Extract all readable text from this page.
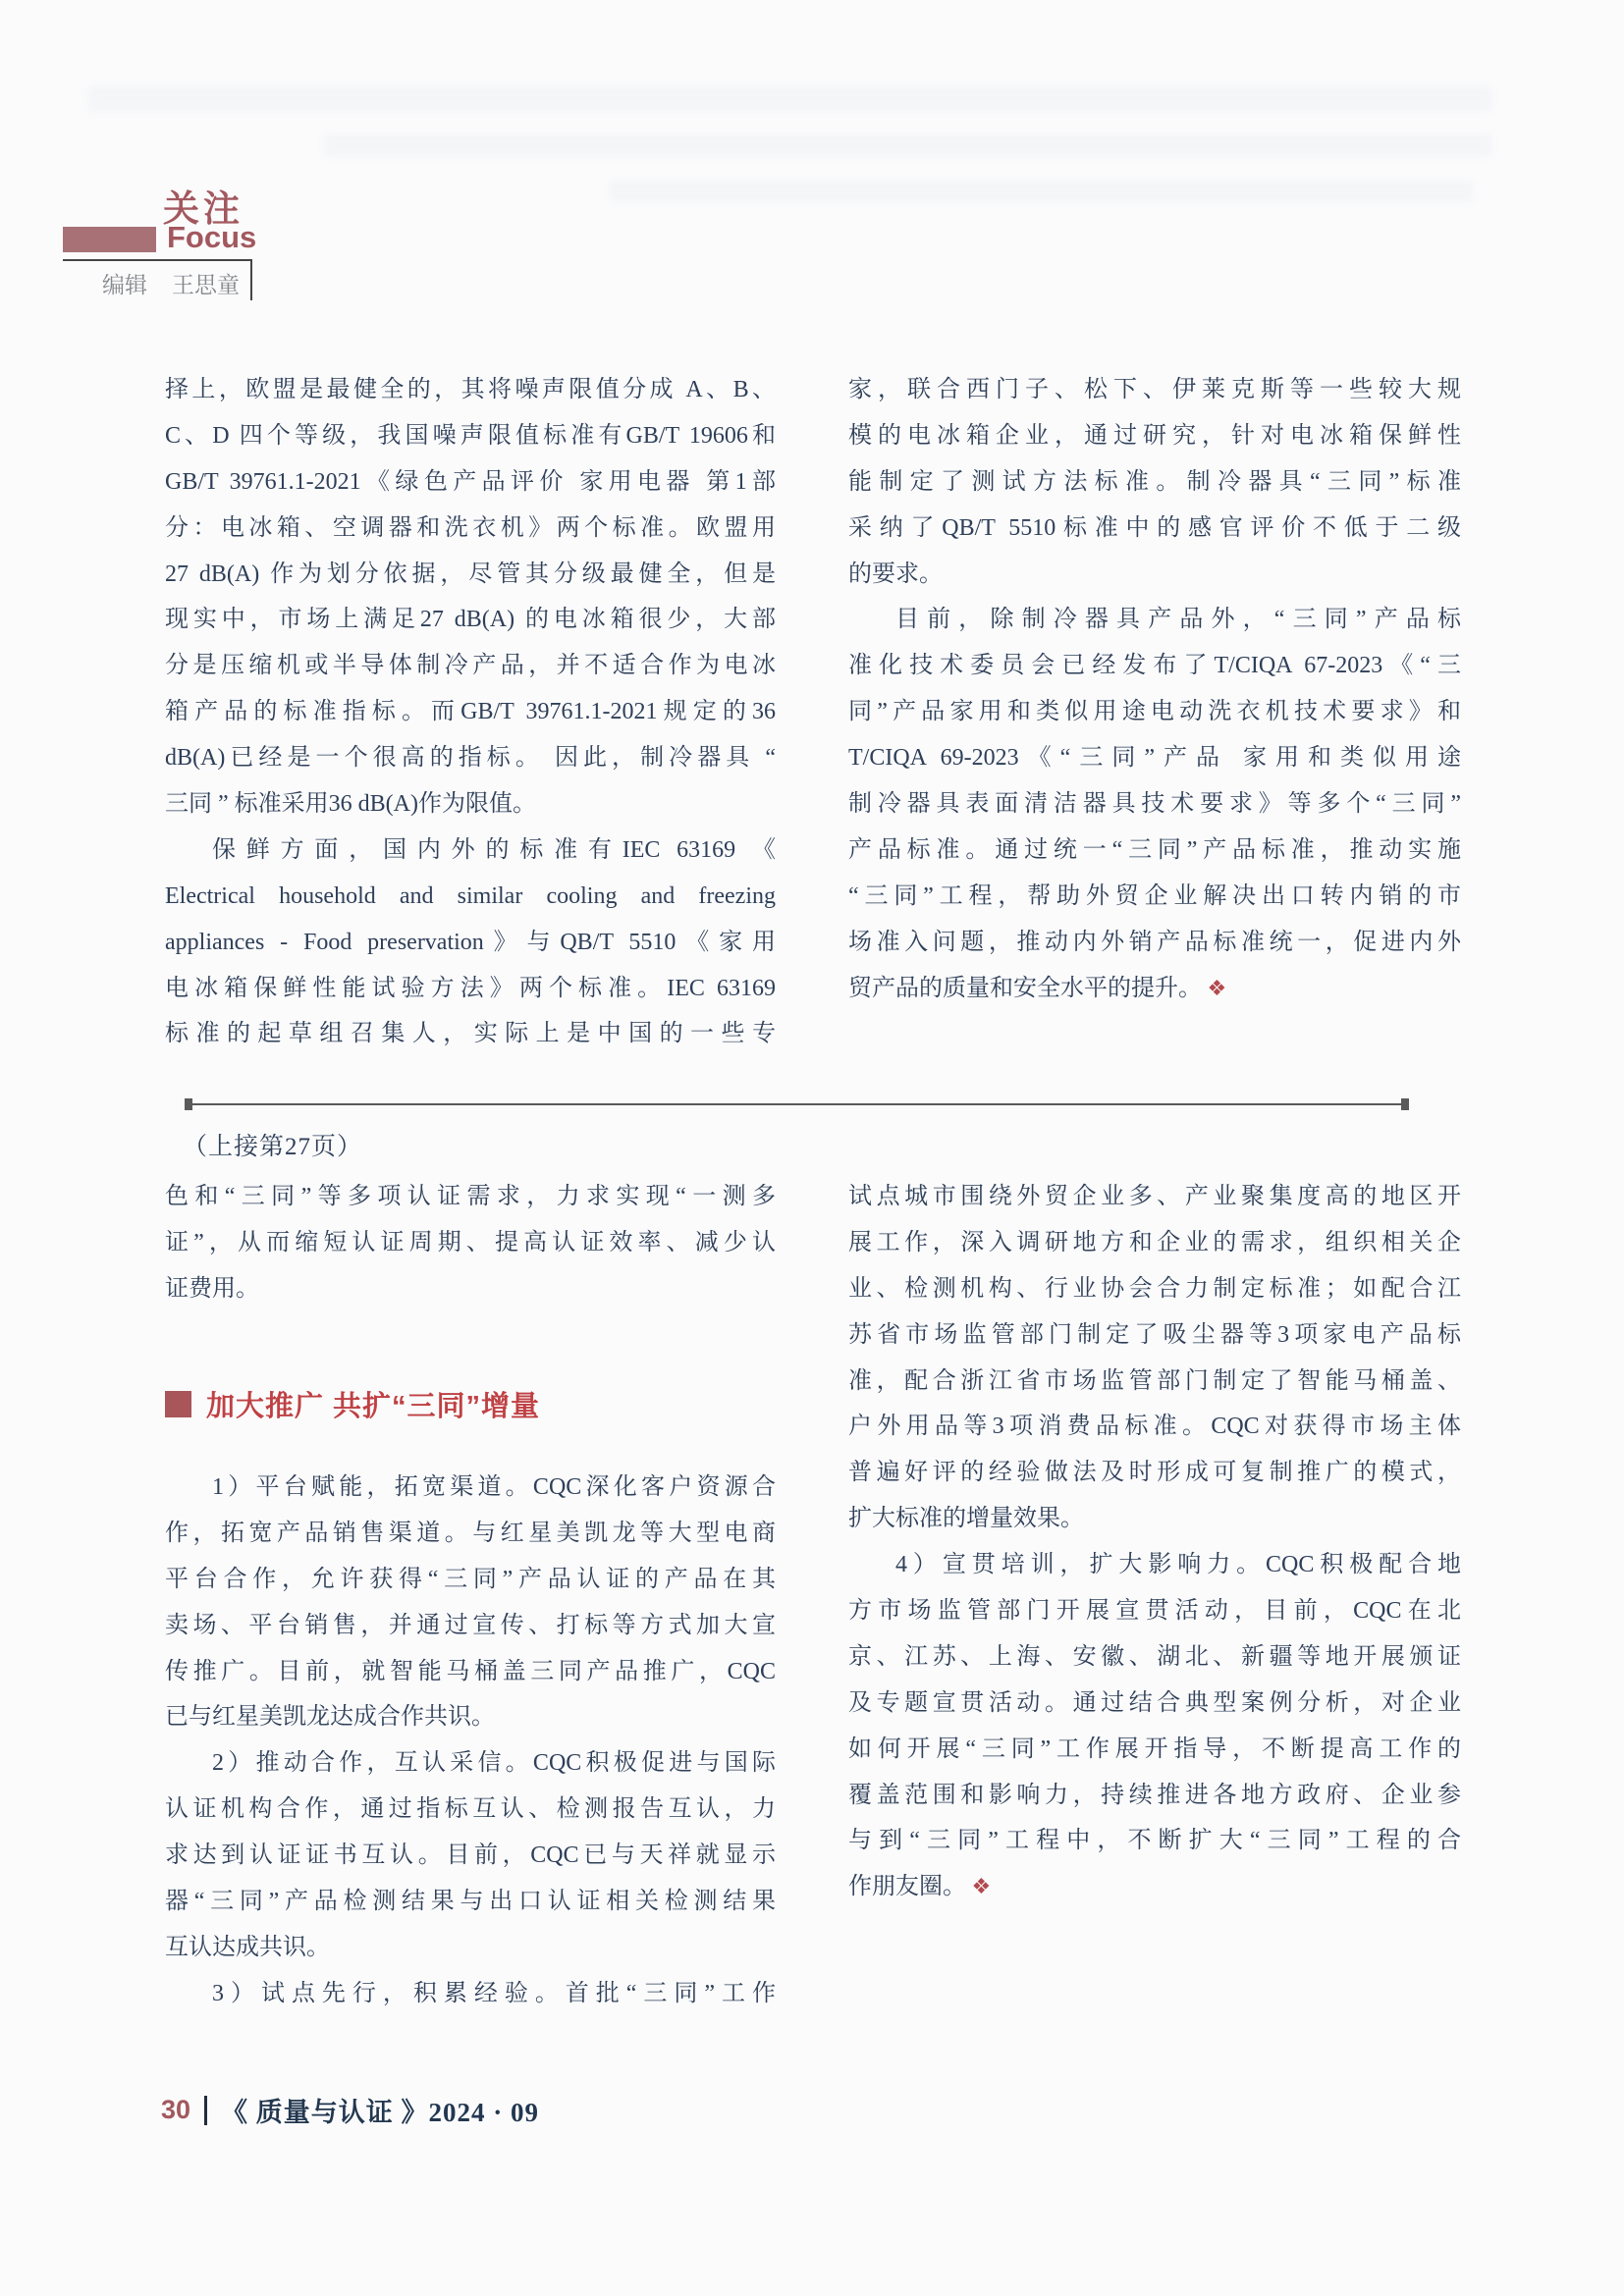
关注
Focus
编辑 王思童
择上，欧盟是最健全的，其将噪声限值分成 A、B、
C、D 四个等级，我国噪声限值标准有GB/T 19606和
GB/T 39761.1-2021《绿色产品评价 家用电器 第1部
分：电冰箱、空调器和洗衣机》两个标准。欧盟用
27 dB(A) 作为划分依据，尽管其分级最健全，但是
现实中，市场上满足27 dB(A) 的电冰箱很少，大部
分是压缩机或半导体制冷产品，并不适合作为电冰
箱产品的标准指标。而GB/T 39761.1-2021规定的36
dB(A)已经是一个很高的指标。 因此，制冷器具 “
三同 ” 标准采用36 dB(A)作为限值。
保鲜方面，国内外的标准有IEC 63169 《
Electrical household and similar cooling and freezing
appliances - Food preservation》与QB/T 5510《家用
电冰箱保鲜性能试验方法》两个标准。IEC 63169
标准的起草组召集人，实际上是中国的一些专
家，联合西门子、松下、伊莱克斯等一些较大规
模的电冰箱企业，通过研究，针对电冰箱保鲜性
能制定了测试方法标准。制冷器具“三同”标准
采纳了QB/T 5510标准中的感官评价不低于二级
的要求。
目前，除制冷器具产品外，“三同”产品标
准化技术委员会已经发布了T/CIQA 67-2023《“三
同”产品家用和类似用途电动洗衣机技术要求》和
T/CIQA 69-2023《“三同”产品 家用和类似用途
制冷器具表面清洁器具技术要求》等多个“三同”
产品标准。通过统一“三同”产品标准，推动实施
“三同”工程，帮助外贸企业解决出口转内销的市
场准入问题，推动内外销产品标准统一，促进内外
贸产品的质量和安全水平的提升。 ❖
（上接第27页）
色和“三同”等多项认证需求，力求实现“一测多
证”，从而缩短认证周期、提高认证效率、减少认
证费用。
加大推广 共扩“三同”增量
1）平台赋能，拓宽渠道。CQC深化客户资源合
作，拓宽产品销售渠道。与红星美凯龙等大型电商
平台合作，允许获得“三同”产品认证的产品在其
卖场、平台销售，并通过宣传、打标等方式加大宣
传推广。目前，就智能马桶盖三同产品推广，CQC
已与红星美凯龙达成合作共识。
2）推动合作，互认采信。CQC积极促进与国际
认证机构合作，通过指标互认、检测报告互认，力
求达到认证证书互认。目前，CQC已与天祥就显示
器“三同”产品检测结果与出口认证相关检测结果
互认达成共识。
3）试点先行，积累经验。首批“三同”工作
试点城市围绕外贸企业多、产业聚集度高的地区开
展工作，深入调研地方和企业的需求，组织相关企
业、检测机构、行业协会合力制定标准；如配合江
苏省市场监管部门制定了吸尘器等3项家电产品标
准，配合浙江省市场监管部门制定了智能马桶盖、
户外用品等3项消费品标准。CQC对获得市场主体
普遍好评的经验做法及时形成可复制推广的模式，
扩大标准的增量效果。
4）宣贯培训，扩大影响力。CQC积极配合地
方市场监管部门开展宣贯活动，目前，CQC在北
京、江苏、上海、安徽、湖北、新疆等地开展颁证
及专题宣贯活动。通过结合典型案例分析，对企业
如何开展“三同”工作展开指导，不断提高工作的
覆盖范围和影响力，持续推进各地方政府、企业参
与到“三同”工程中，不断扩大“三同”工程的合
作朋友圈。 ❖
30 《 质量与认证 》2024 · 09
